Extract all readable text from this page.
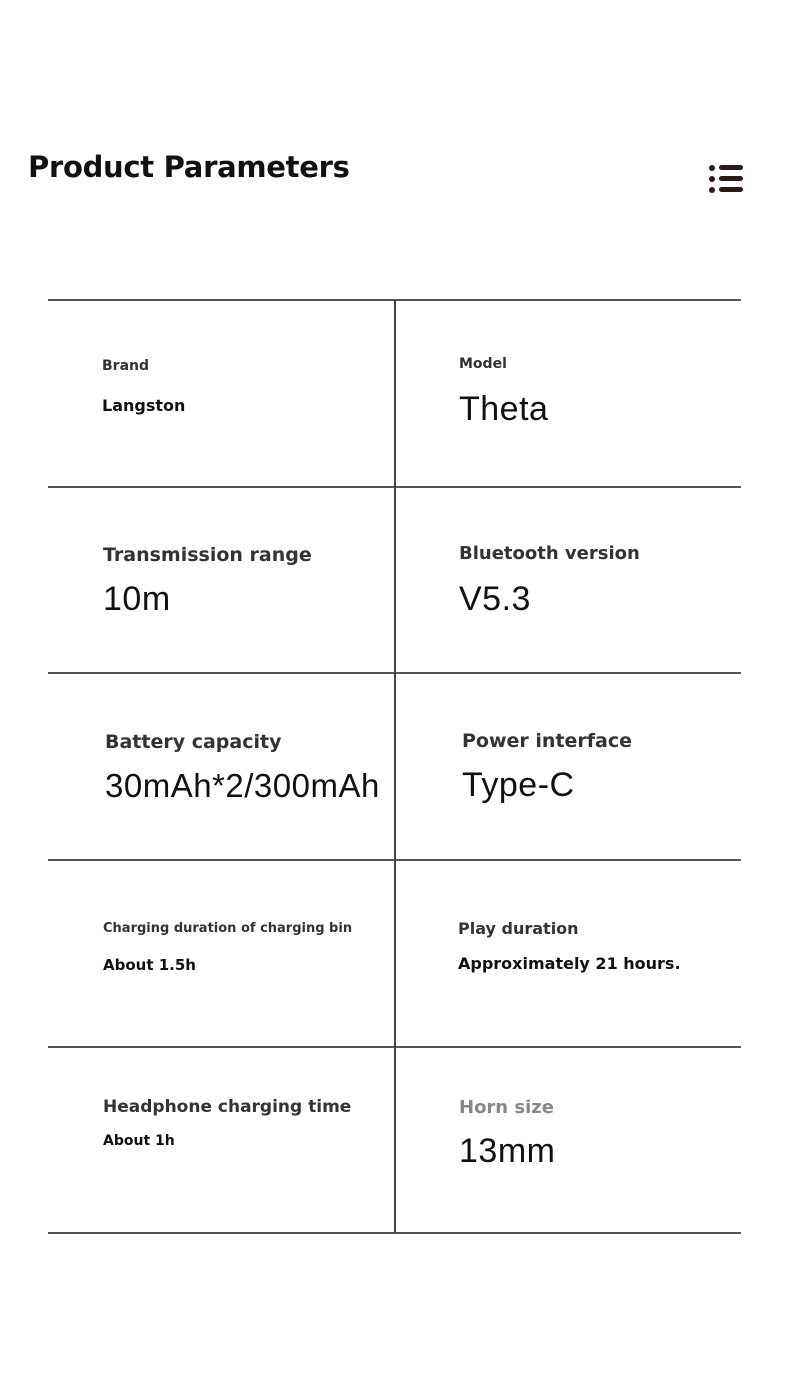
Product Parameters
Brand
Langston
Model
Theta
Transmission range
10m
Bluetooth version
V5.3
Battery capacity
30mAh*2/300mAh
Power interface
Type-C
Charging duration of charging bin
About 1.5h
Play duration
Approximately 21 hours.
Headphone charging time
About 1h
Horn size
13mm
